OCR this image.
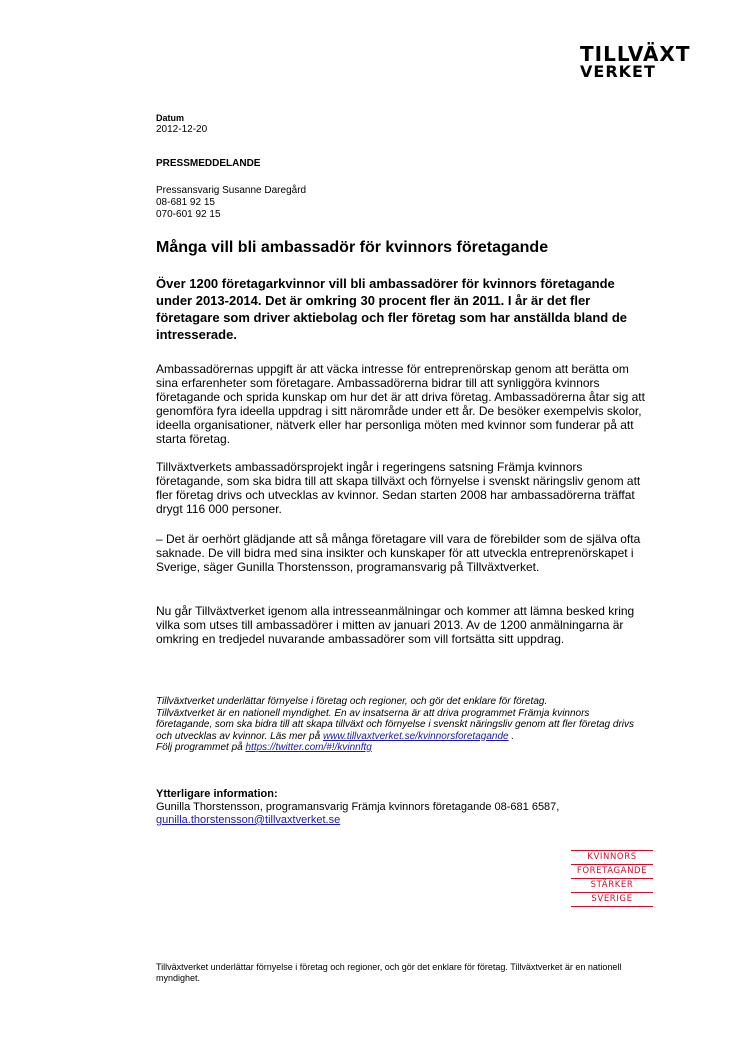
TILLVÄXT
VERKET
Datum
2012-12-20
PRESSMEDDELANDE
Pressansvarig Susanne Daregård
08-681 92 15
070-601 92 15
Många vill bli ambassadör för kvinnors företagande
Över 1200 företagarkvinnor vill bli ambassadörer för kvinnors företagande under 2013-2014. Det är omkring 30 procent fler än 2011. I år är det fler företagare som driver aktiebolag och fler företag som har anställda bland de intresserade.

Ambassadörernas uppgift är att väcka intresse för entreprenörskap genom att berätta om sina erfarenheter som företagare. Ambassadörerna bidrar till att synliggöra kvinnors företagande och sprida kunskap om hur det är att driva företag. Ambassadörerna åtar sig att genomföra fyra ideella uppdrag i sitt närområde under ett år. De besöker exempelvis skolor, ideella organisationer, nätverk eller har personliga möten med kvinnor som funderar på att starta företag.

Tillväxtverkets ambassadörsprojekt ingår i regeringens satsning Främja kvinnors företagande, som ska bidra till att skapa tillväxt och förnyelse i svenskt näringsliv genom att fler företag drivs och utvecklas av kvinnor. Sedan starten 2008 har ambassadörerna träffat drygt 116 000 personer.

– Det är oerhört glädjande att så många företagare vill vara de förebilder som de själva ofta saknade. De vill bidra med sina insikter och kunskaper för att utveckla entreprenörskapet i Sverige, säger Gunilla Thorstensson, programansvarig på Tillväxtverket.

Nu går Tillväxtverket igenom alla intresseanmälningar och kommer att lämna besked kring vilka som utses till ambassadörer i mitten av januari 2013. Av de 1200 anmälningarna är omkring en tredjedel nuvarande ambassadörer som vill fortsätta sitt uppdrag.

Tillväxtverket underlättar förnyelse i företag och regioner, och gör det enklare för företag.
Tillväxtverket är en nationell myndighet. En av insatserna är att driva programmet Främja kvinnors företagande, som ska bidra till att skapa tillväxt och förnyelse i svenskt näringsliv genom att fler företag drivs och utvecklas av kvinnor. Läs mer på www.tillvaxtverket.se/kvinnorsforetagande .
Följ programmet på https://twitter.com/#!/kvinnftg
Ytterligare information:
Gunilla Thorstensson, programansvarig Främja kvinnors företagande 08-681 6587,
gunilla.thorstensson@tillvaxtverket.se
KVINNORS
FÖRETAGANDE
STÄRKER
SVERIGE
Tillväxtverket underlättar förnyelse i företag och regioner, och gör det enklare för företag. Tillväxtverket är en nationell myndighet.
